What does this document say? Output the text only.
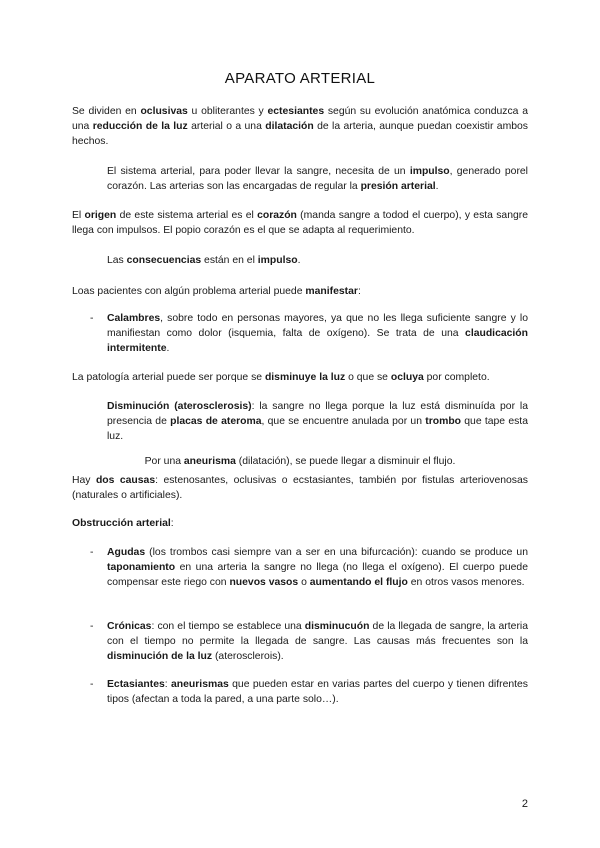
APARATO ARTERIAL

Se dividen en oclusivas u obliterantes y ectesiantes según su evolución anatómica conduzca a una reducción de la luz arterial o a una dilatación de la arteria, aunque puedan coexistir ambos hechos.

El sistema arterial, para poder llevar la sangre, necesita de un impulso, generado porel corazón. Las arterias son las encargadas de regular la presión arterial.

El origen de este sistema arterial es el corazón (manda sangre a todod el cuerpo), y esta sangre llega con impulsos. El popio corazón es el que se adapta al requerimiento.

Las consecuencias están en el impulso.

Loas pacientes con algún problema arterial puede manifestar:

- Calambres, sobre todo en personas mayores, ya que no les llega suficiente sangre y lo manifiestan como dolor (isquemia, falta de oxígeno). Se trata de una claudicación intermitente.

La patología arterial puede ser porque se disminuye la luz o que se ocluya por completo.

Disminución (aterosclerosis): la sangre no llega porque la luz está disminuída por la presencia de placas de ateroma, que se encuentre anulada por un trombo que tape esta luz.

Por una aneurisma (dilatación), se puede llegar a disminuir el flujo.

Hay dos causas: estenosantes, oclusivas o ecstasiantes, también por fistulas arteriovenosas (naturales o artificiales).

Obstrucción arterial:

- Agudas (los trombos casi siempre van a ser en una bifurcación): cuando se produce un taponamiento en una arteria la sangre no llega (no llega el oxígeno). El cuerpo puede compensar este riego con nuevos vasos o aumentando el flujo en otros vasos menores.

- Crónicas: con el tiempo se establece una disminucuón de la llegada de sangre, la arteria con el tiempo no permite la llegada de sangre. Las causas más frecuentes son la disminución de la luz (aterosclerois).

- Ectasiantes: aneurismas que pueden estar en varias partes del cuerpo y tienen difrentes tipos (afectan a toda la pared, a una parte solo…).

2
